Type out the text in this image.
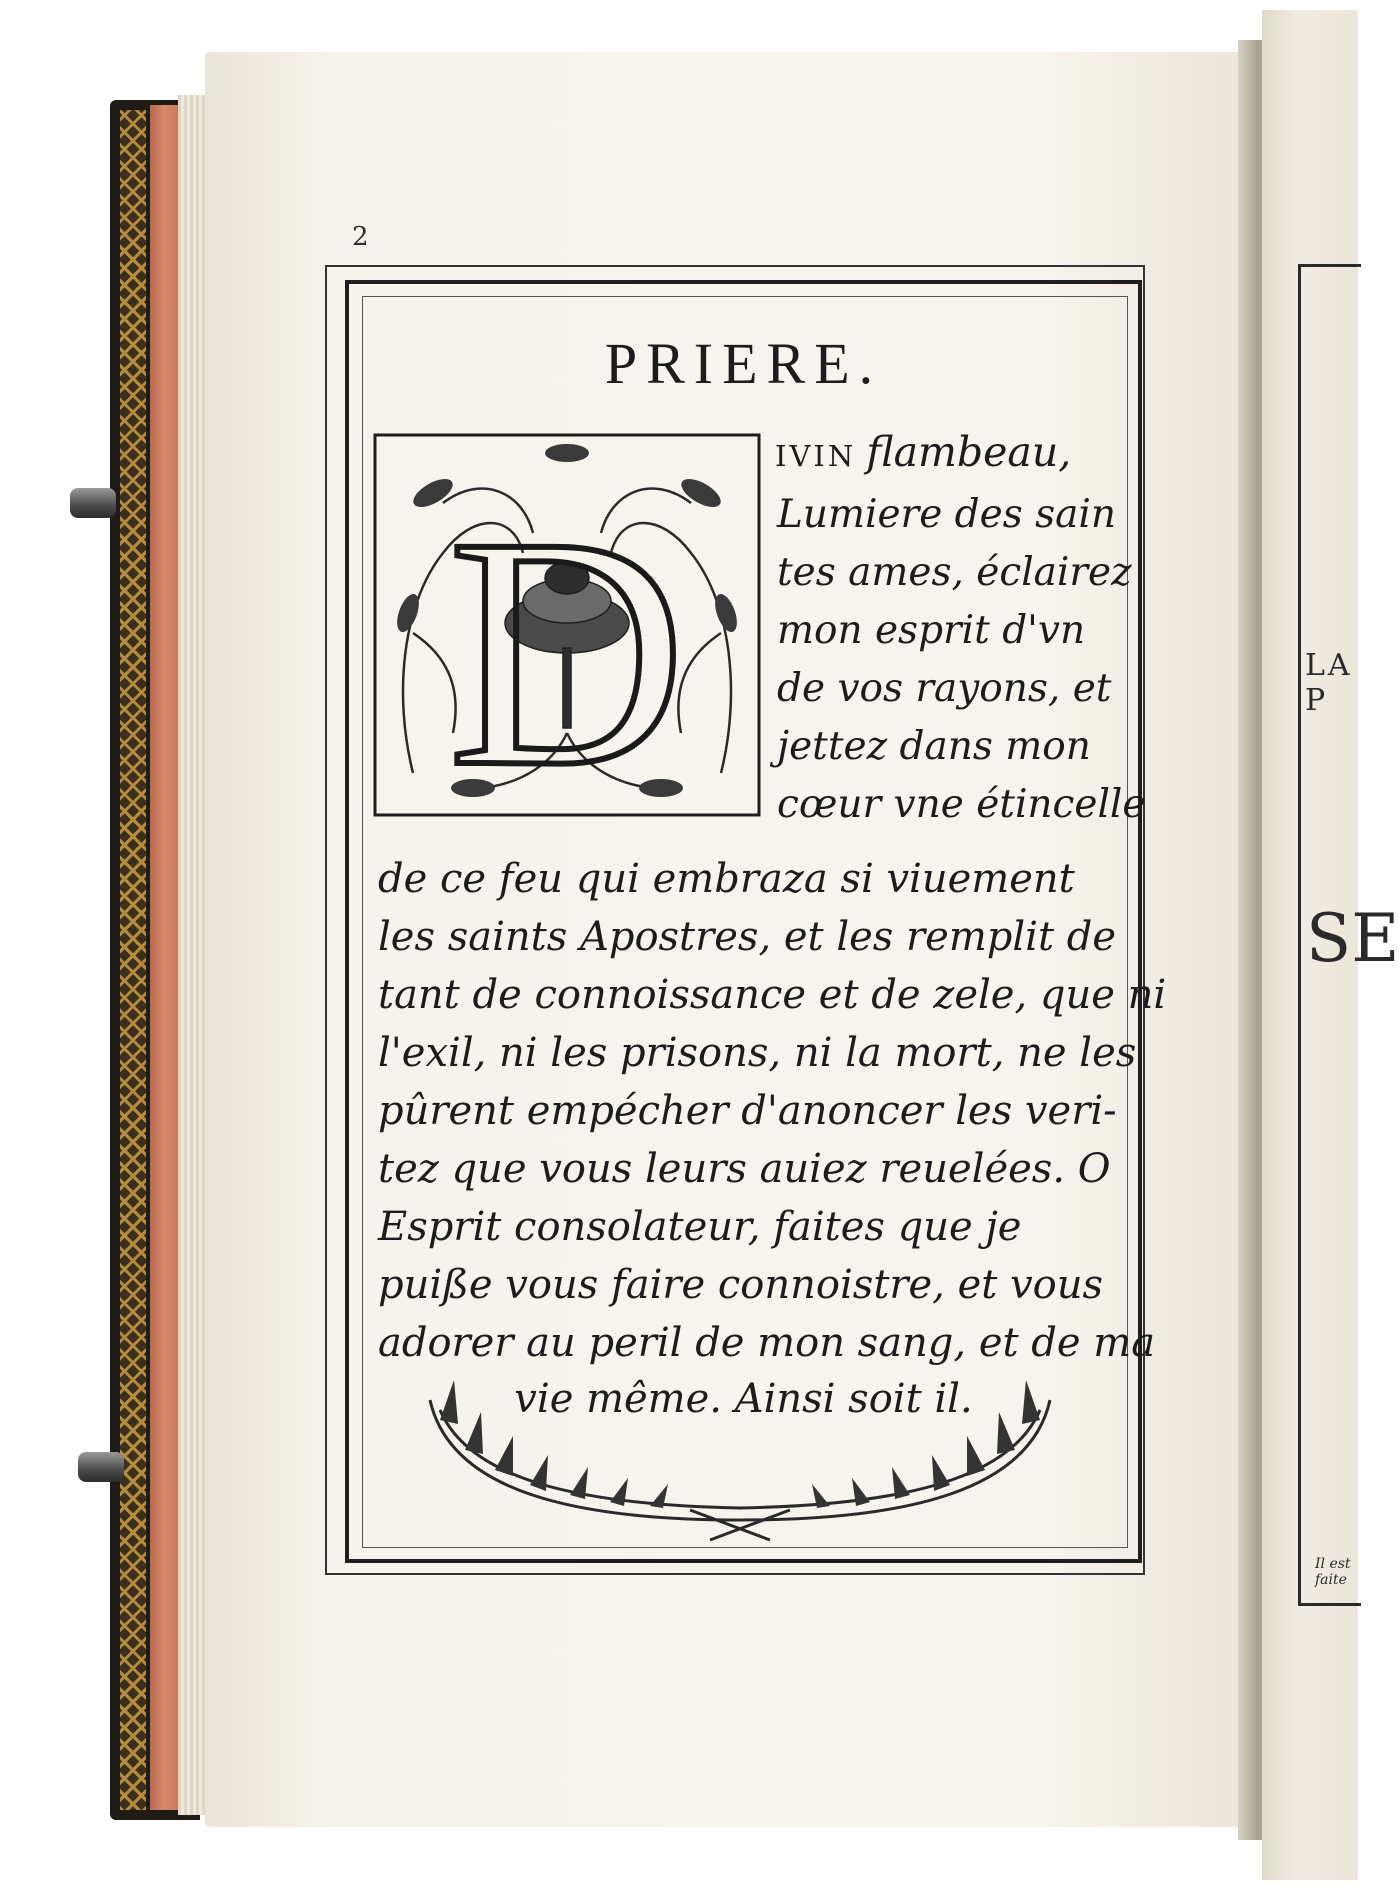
LA P
SE
Il est faite
2
PRIERE.
D
IVIN flambeau,
Lumiere des sain
tes ames, éclairez
mon esprit d'vn
de vos rayons, et
jettez dans mon
cœur vne étincelle
de ce feu qui embraza si viuement
les saints Apostres, et les remplit de
tant de connoissance et de zele, que ni
l'exil, ni les prisons, ni la mort, ne les
pûrent empécher d'anoncer les veri-
tez que vous leurs auiez reuelées. O
Esprit consolateur, faites que je
puiße vous faire connoistre, et vous
adorer au peril de mon sang, et de ma
vie même. Ainsi soit il.
